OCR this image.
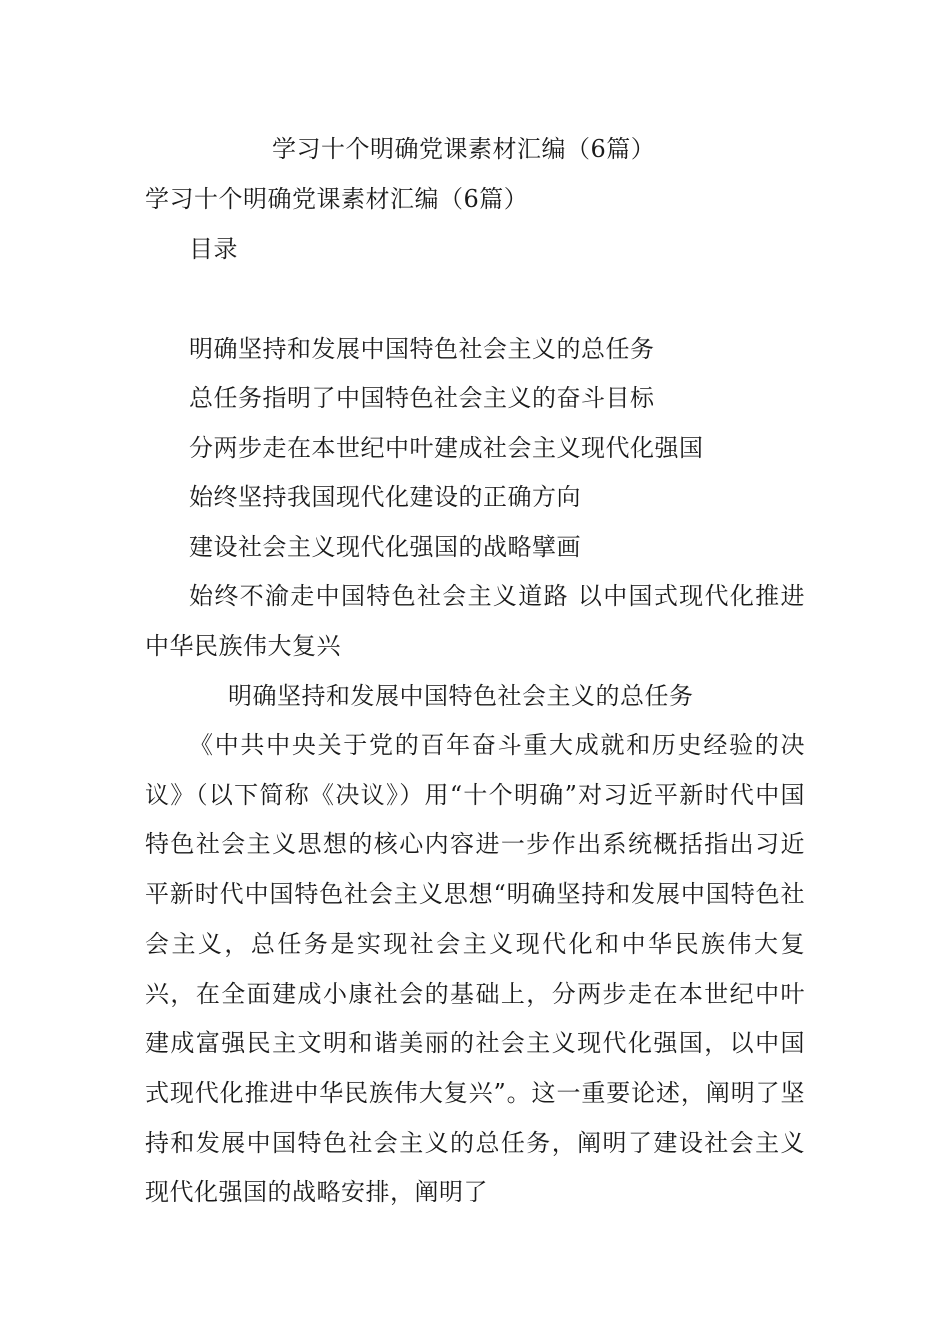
学习十个明确党课素材汇编（6篇）
学习十个明确党课素材汇编（6篇）
目录
明确坚持和发展中国特色社会主义的总任务
总任务指明了中国特色社会主义的奋斗目标
分两步走在本世纪中叶建成社会主义现代化强国
始终坚持我国现代化建设的正确方向
建设社会主义现代化强国的战略擘画

始终不渝走中国特色社会主义道路 以中国式现代化推进中华民族伟大复兴

明确坚持和发展中国特色社会主义的总任务

《中共中央关于党的百年奋斗重大成就和历史经验的决议》（以下简称《决议》）用“十个明确”对习近平新时代中国特色社会主义思想的核心内容进一步作出系统概括指出习近平新时代中国特色社会主义思想“明确坚持和发展中国特色社会主义，总任务是实现社会主义现代化和中华民族伟大复兴，在全面建成小康社会的基础上，分两步走在本世纪中叶建成富强民主文明和谐美丽的社会主义现代化强国，以中国式现代化推进中华民族伟大复兴”。这一重要论述，阐明了坚持和发展中国特色社会主义的总任务，阐明了建设社会主义现代化强国的战略安排，阐明了
